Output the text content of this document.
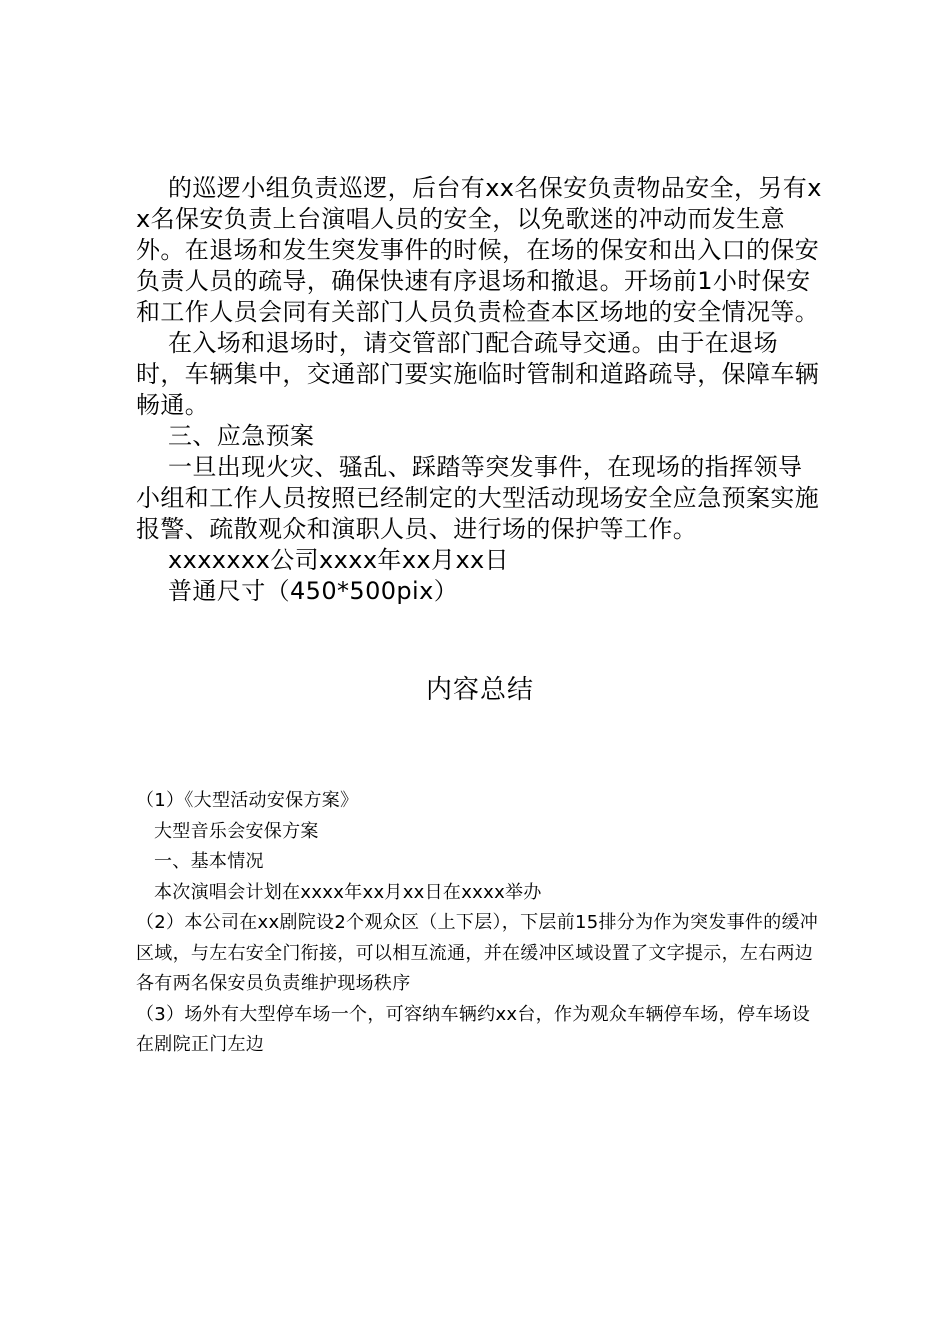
的巡逻小组负责巡逻，后台有xx名保安负责物品安全，另有xx名保安负责上台演唱人员的安全，以免歌迷的冲动而发生意外。在退场和发生突发事件的时候，在场的保安和出入口的保安负责人员的疏导，确保快速有序退场和撤退。开场前1小时保安和工作人员会同有关部门人员负责检查本区场地的安全情况等。

在入场和退场时，请交管部门配合疏导交通。由于在退场时，车辆集中，交通部门要实施临时管制和道路疏导，保障车辆畅通。

三、应急预案

一旦出现火灾、骚乱、踩踏等突发事件，在现场的指挥领导小组和工作人员按照已经制定的大型活动现场安全应急预案实施报警、疏散观众和演职人员、进行场的保护等工作。

xxxxxxx公司xxxx年xx月xx日

普通尺寸（450*500pix）

内容总结

（1）《大型活动安保方案》

大型音乐会安保方案

一、基本情况

本次演唱会计划在xxxx年xx月xx日在xxxx举办

（2）本公司在xx剧院设2个观众区（上下层），下层前15排分为作为突发事件的缓冲区域，与左右安全门衔接，可以相互流通，并在缓冲区域设置了文字提示，左右两边各有两名保安员负责维护现场秩序

（3）场外有大型停车场一个，可容纳车辆约xx台，作为观众车辆停车场，停车场设在剧院正门左边
